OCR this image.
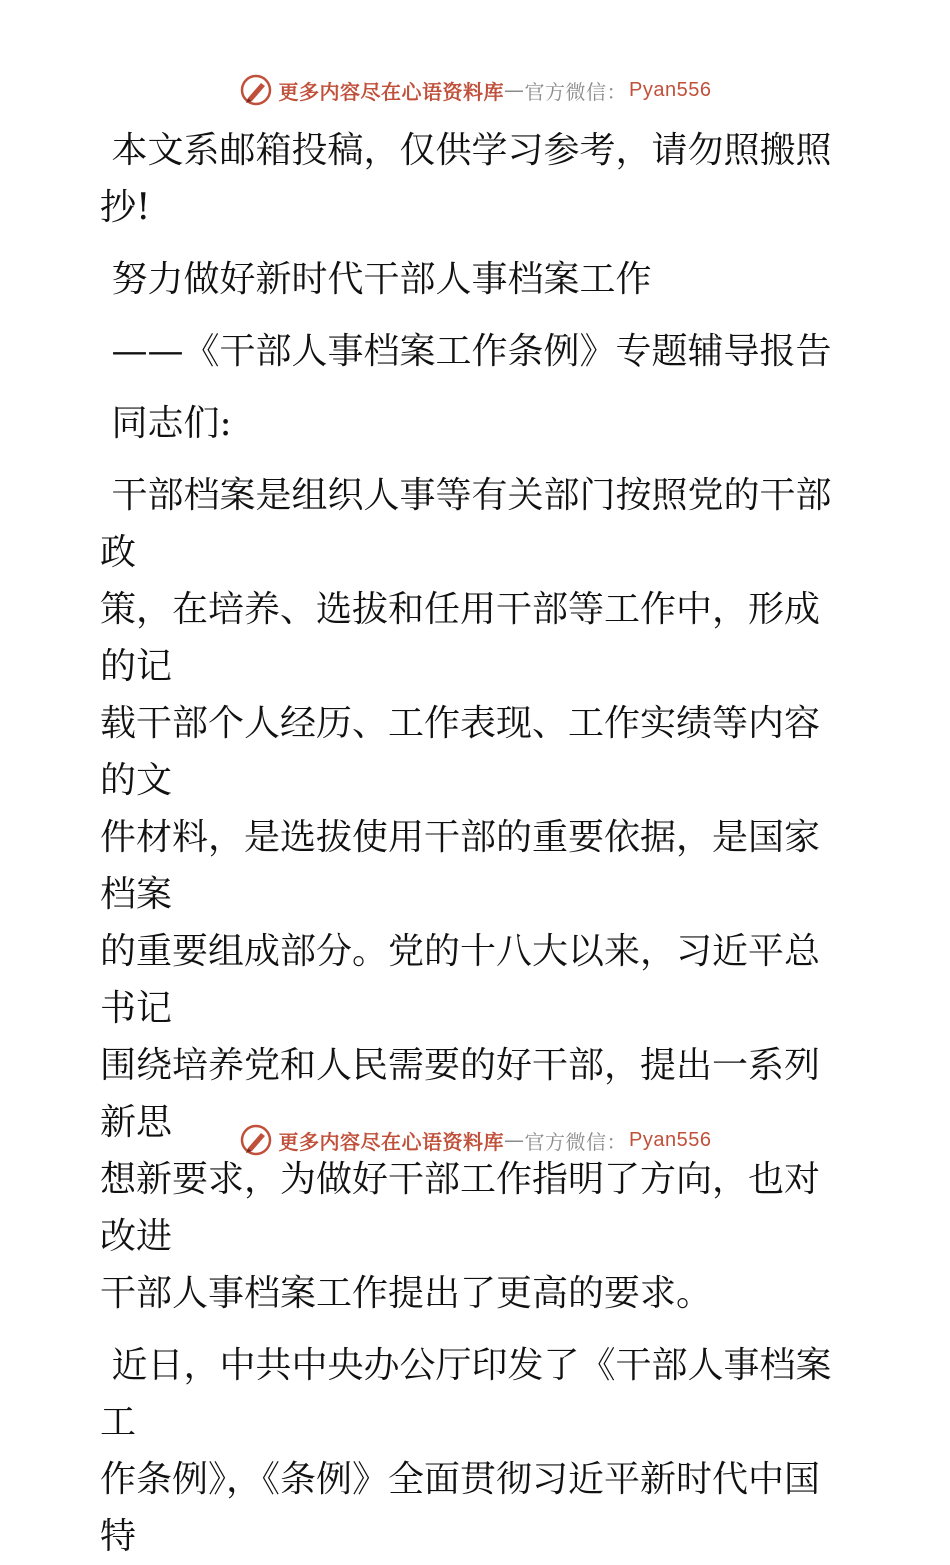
更多内容尽在心语资料库 — 官方微信： Pyan556

本文系邮箱投稿，仅供学习参考，请勿照搬照

抄!

努力做好新时代干部人事档案工作

——《干部人事档案工作条例》专题辅导报告

同志们:

干部档案是组织人事等有关部门按照党的干部政

策，在培养、选拔和任用干部等工作中，形成的记

载干部个人经历、工作表现、工作实绩等内容的文

件材料，是选拔使用干部的重要依据，是国家档案

的重要组成部分。党的十八大以来，习近平总书记

围绕培养党和人民需要的好干部，提出一系列新思

想新要求，为做好干部工作指明了方向，也对改进

干部人事档案工作提出了更高的要求。

近日，中共中央办公厅印发了《干部人事档案工

作条例》，《条例》全面贯彻习近平新时代中国特

更多内容尽在心语资料库 — 官方微信： Pyan556
